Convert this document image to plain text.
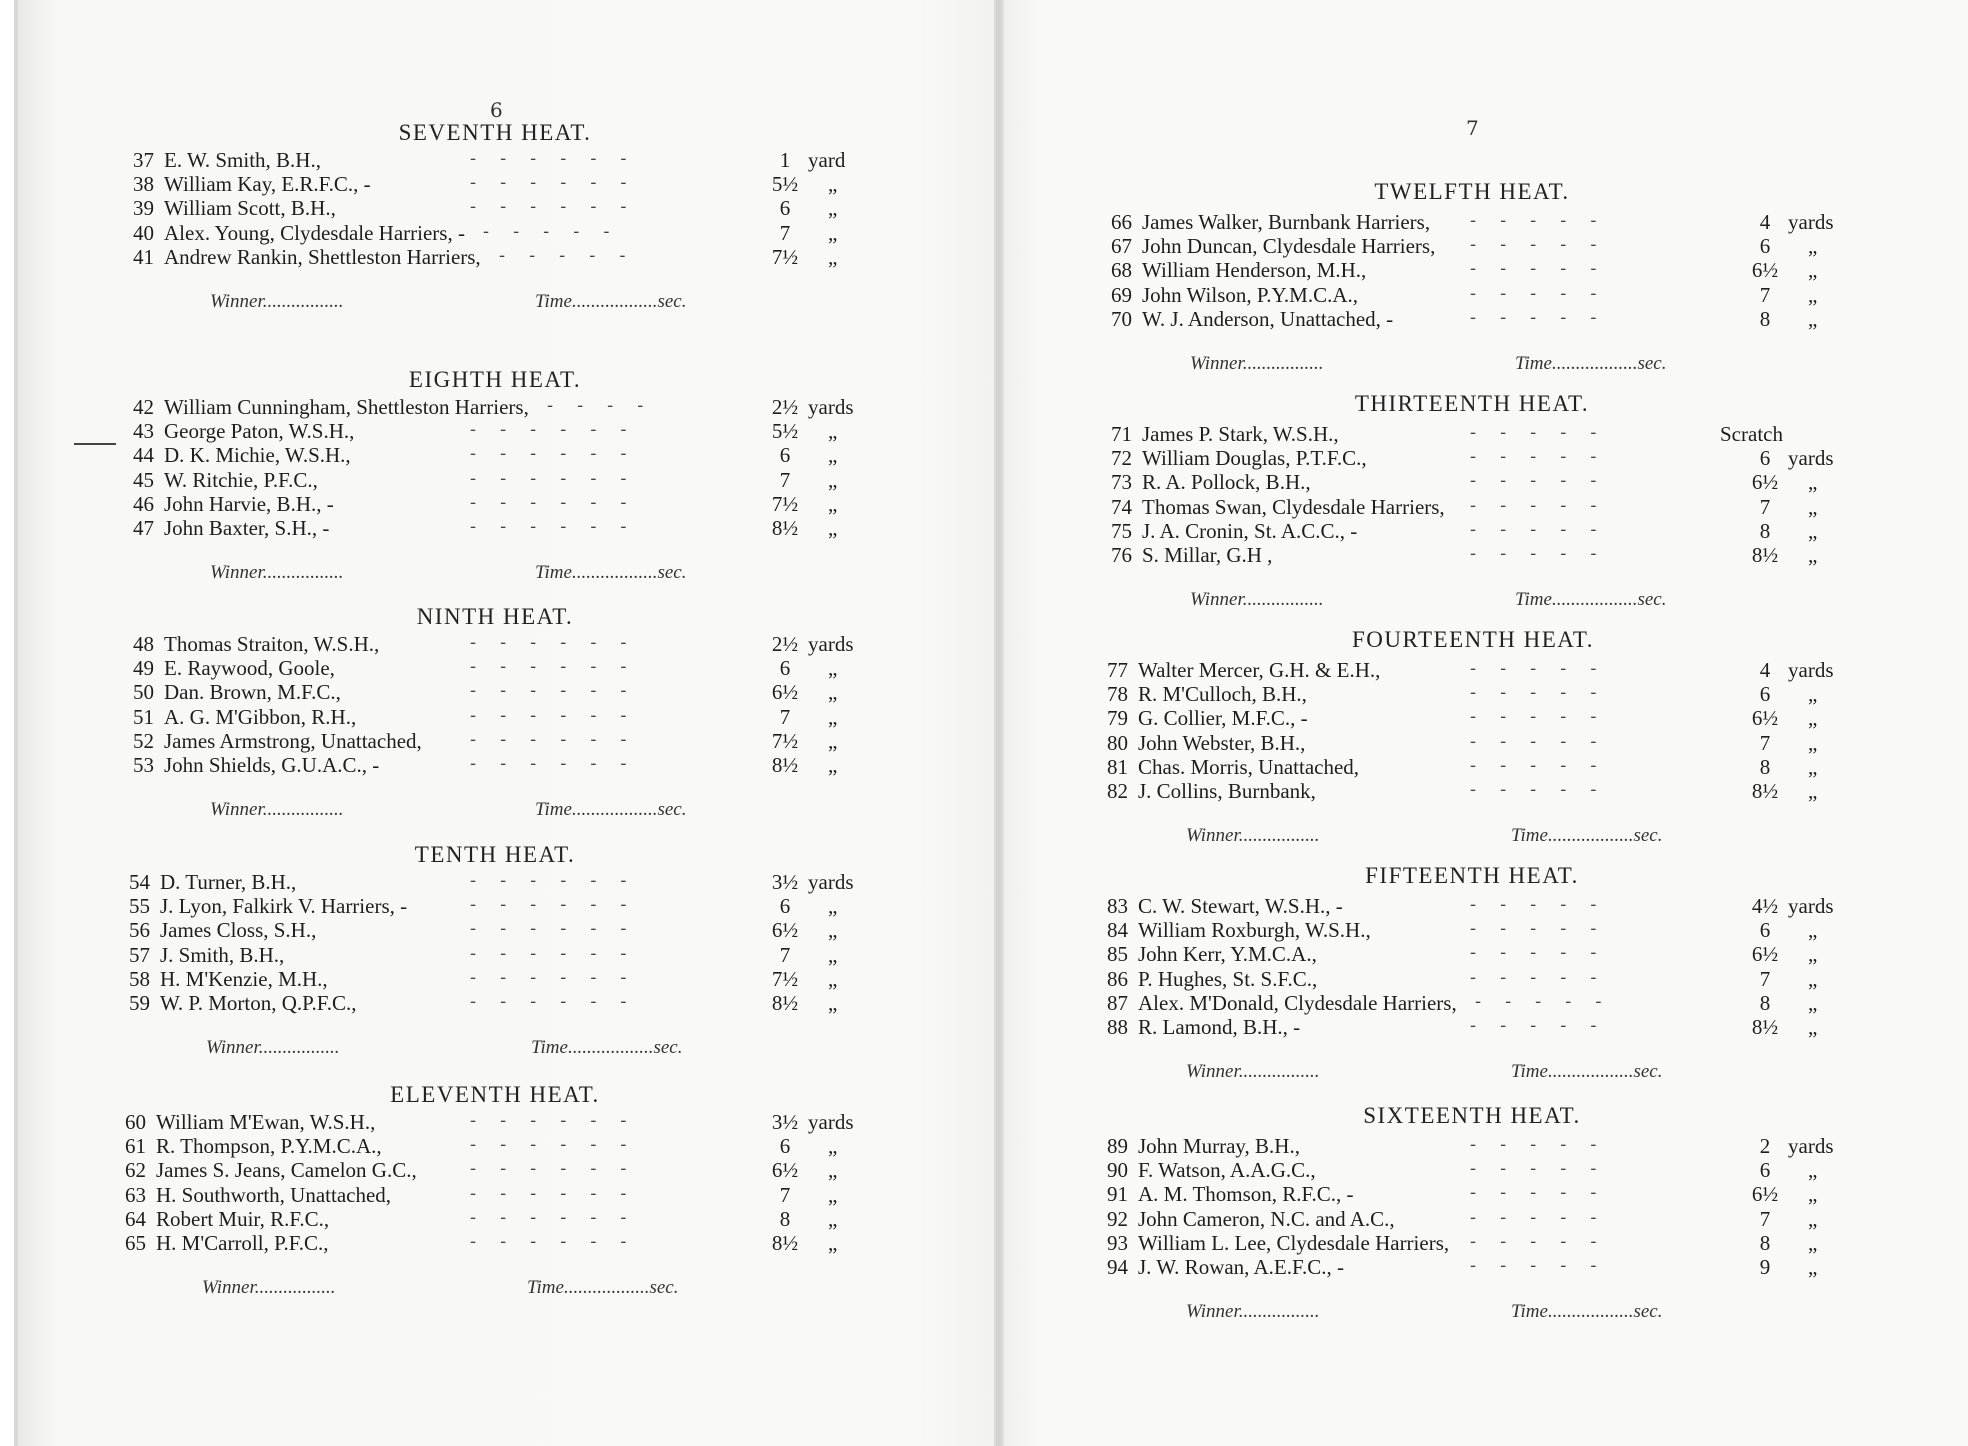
6
7
SEVENTH HEAT.
37 E. W. Smith, B.H.,	------	1 yard
38 William Kay, E.R.F.C., -	------	5½ „
39 William Scott, B.H.,	------	6	„
40 Alex. Young, Clydesdale Harriers, - -----	7	„
41 Andrew Rankin, Shettleston Harriers, -----	7½ „
Winner.................	Time..................sec.
EIGHTH HEAT.
42 William Cunningham, Shettleston Harriers, ----	2½ yards
43 George Paton, W.S.H.,	------	5½ „
44 D. K. Michie, W.S.H.,	------	6	„
45 W. Ritchie, P.F.C.,	------	7	„
46 John Harvie, B.H., -	------	7½ „
47 John Baxter, S.H., -	------	8½ „
Winner.................	Time..................sec.
NINTH HEAT.
48 Thomas Straiton, W.S.H.,	------	2½ yards
49 E. Raywood, Goole,	------	6	„
50 Dan. Brown, M.F.C.,	------	6½ „
51 A. G. M'Gibbon, R.H.,	------	7	„
52 James Armstrong, Unattached,	------	7½ „
53 John Shields, G.U.A.C., -	------	8½ „
Winner.................	Time..................sec.
TENTH HEAT.
54 D. Turner, B.H.,	------	3½ yards
55 J. Lyon, Falkirk V. Harriers, -	------	6	„
56 James Closs, S.H.,	------	6½ „
57 J. Smith, B.H.,	------	7	„
58 H. M'Kenzie, M.H.,	------	7½ „
59 W. P. Morton, Q.P.F.C.,	------	8½ „
Winner.................	Time..................sec.
ELEVENTH HEAT.
60 William M'Ewan, W.S.H.,	------	3½ yards
61 R. Thompson, P.Y.M.C.A.,	------	6	„
62 James S. Jeans, Camelon G.C.,	------	6½ „
63 H. Southworth, Unattached,	------	7	„
64 Robert Muir, R.F.C.,	------	8	„
65 H. M'Carroll, P.F.C.,	------	8½ „
Winner.................	Time..................sec.
TWELFTH HEAT.
66 James Walker, Burnbank Harriers, -----	4 yards
67 John Duncan, Clydesdale Harriers, -----	6	„
68 William Henderson, M.H.,	-----	6½ „
69 John Wilson, P.Y.M.C.A.,	-----	7	„
70 W. J. Anderson, Unattached, -	-----	8	„
Winner.................	Time..................sec.
THIRTEENTH HEAT.
71 James P. Stark, W.S.H.,	-----	Scratch
72 William Douglas, P.T.F.C.,	-----	6 yards
73 R. A. Pollock, B.H.,	-----	6½ „
74 Thomas Swan, Clydesdale Harriers, -----	7	„
75 J. A. Cronin, St. A.C.C., -	-----	8	„
76 S. Millar, G.H ,	-----	8½ „
Winner.................	Time..................sec.
FOURTEENTH HEAT.
77 Walter Mercer, G.H. & E.H.,	-----	4 yards
78 R. M'Culloch, B.H.,	-----	6	„
79 G. Collier, M.F.C., -	-----	6½ „
80 John Webster, B.H.,	-----	7	„
81 Chas. Morris, Unattached,	-----	8	„
82 J. Collins, Burnbank,	-----	8½ „
Winner.................	Time..................sec.
FIFTEENTH HEAT.
83 C. W. Stewart, W.S.H., -	-----	4½ yards
84 William Roxburgh, W.S.H.,	-----	6	„
85 John Kerr, Y.M.C.A.,	-----	6½ „
86 P. Hughes, St. S.F.C.,	-----	7	„
87 Alex. M'Donald, Clydesdale Harriers, -----	8	„
88 R. Lamond, B.H., -	-----	8½ „
Winner.................	Time..................sec.
SIXTEENTH HEAT.
89 John Murray, B.H.,	-----	2 yards
90 F. Watson, A.A.G.C.,	-----	6	„
91 A. M. Thomson, R.F.C., -	-----	6½ „
92 John Cameron, N.C. and A.C.,	-----	7	„
93 William L. Lee, Clydesdale Harriers, -----	8	„
94 J. W. Rowan, A.E.F.C., -	-----	9	„
Winner.................	Time..................sec.
